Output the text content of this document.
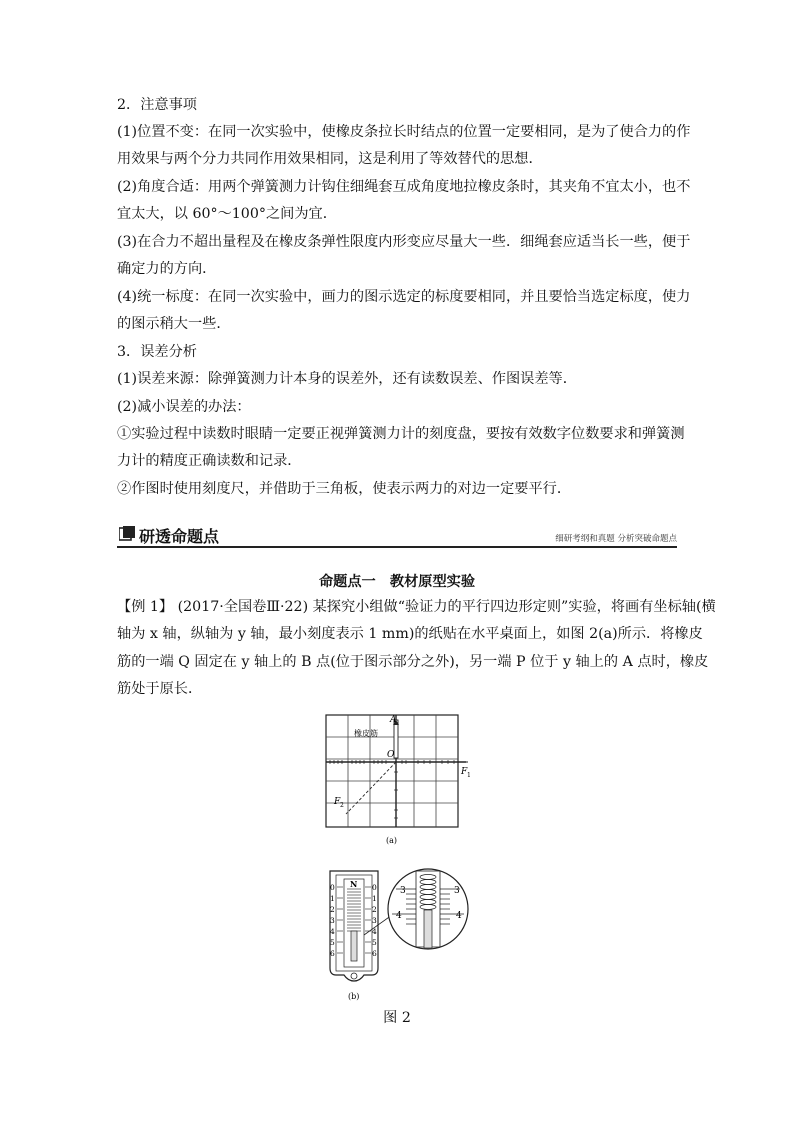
2．注意事项
(1)位置不变：在同一次实验中，使橡皮条拉长时结点的位置一定要相同，是为了使合力的作
用效果与两个分力共同作用效果相同，这是利用了等效替代的思想．
(2)角度合适：用两个弹簧测力计钩住细绳套互成角度地拉橡皮条时，其夹角不宜太小，也不
宜太大，以 60°～100°之间为宜．
(3)在合力不超出量程及在橡皮条弹性限度内形变应尽量大一些．细绳套应适当长一些，便于
确定力的方向．
(4)统一标度：在同一次实验中，画力的图示选定的标度要相同，并且要恰当选定标度，使力
的图示稍大一些．
3．误差分析
(1)误差来源：除弹簧测力计本身的误差外，还有读数误差、作图误差等．
(2)减小误差的办法：
①实验过程中读数时眼睛一定要正视弹簧测力计的刻度盘，要按有效数字位数要求和弹簧测
力计的精度正确读数和记录．
②作图时使用刻度尺，并借助于三角板，使表示两力的对边一定要平行．
研透命题点	细研考纲和真题 分析突破命题点
命题点一　教材原型实验
【例 1】 (2017·全国卷Ⅲ·22) 某探究小组做“验证力的平行四边形定则”实验，将画有坐标轴(横
轴为 x 轴，纵轴为 y 轴，最小刻度表示 1 mm)的纸贴在水平桌面上，如图 2(a)所示．将橡皮
筋的一端 Q 固定在 y 轴上的 B 点(位于图示部分之外)，另一端 P 位于 y 轴上的 A 点时，橡皮
筋处于原长．
A
橡皮筋
O
F 1
F 2
(a)
N
0
1
2
3
4
5
6
0
1
2
3
4
5
6
3	3
4	4
(b)
图 2
